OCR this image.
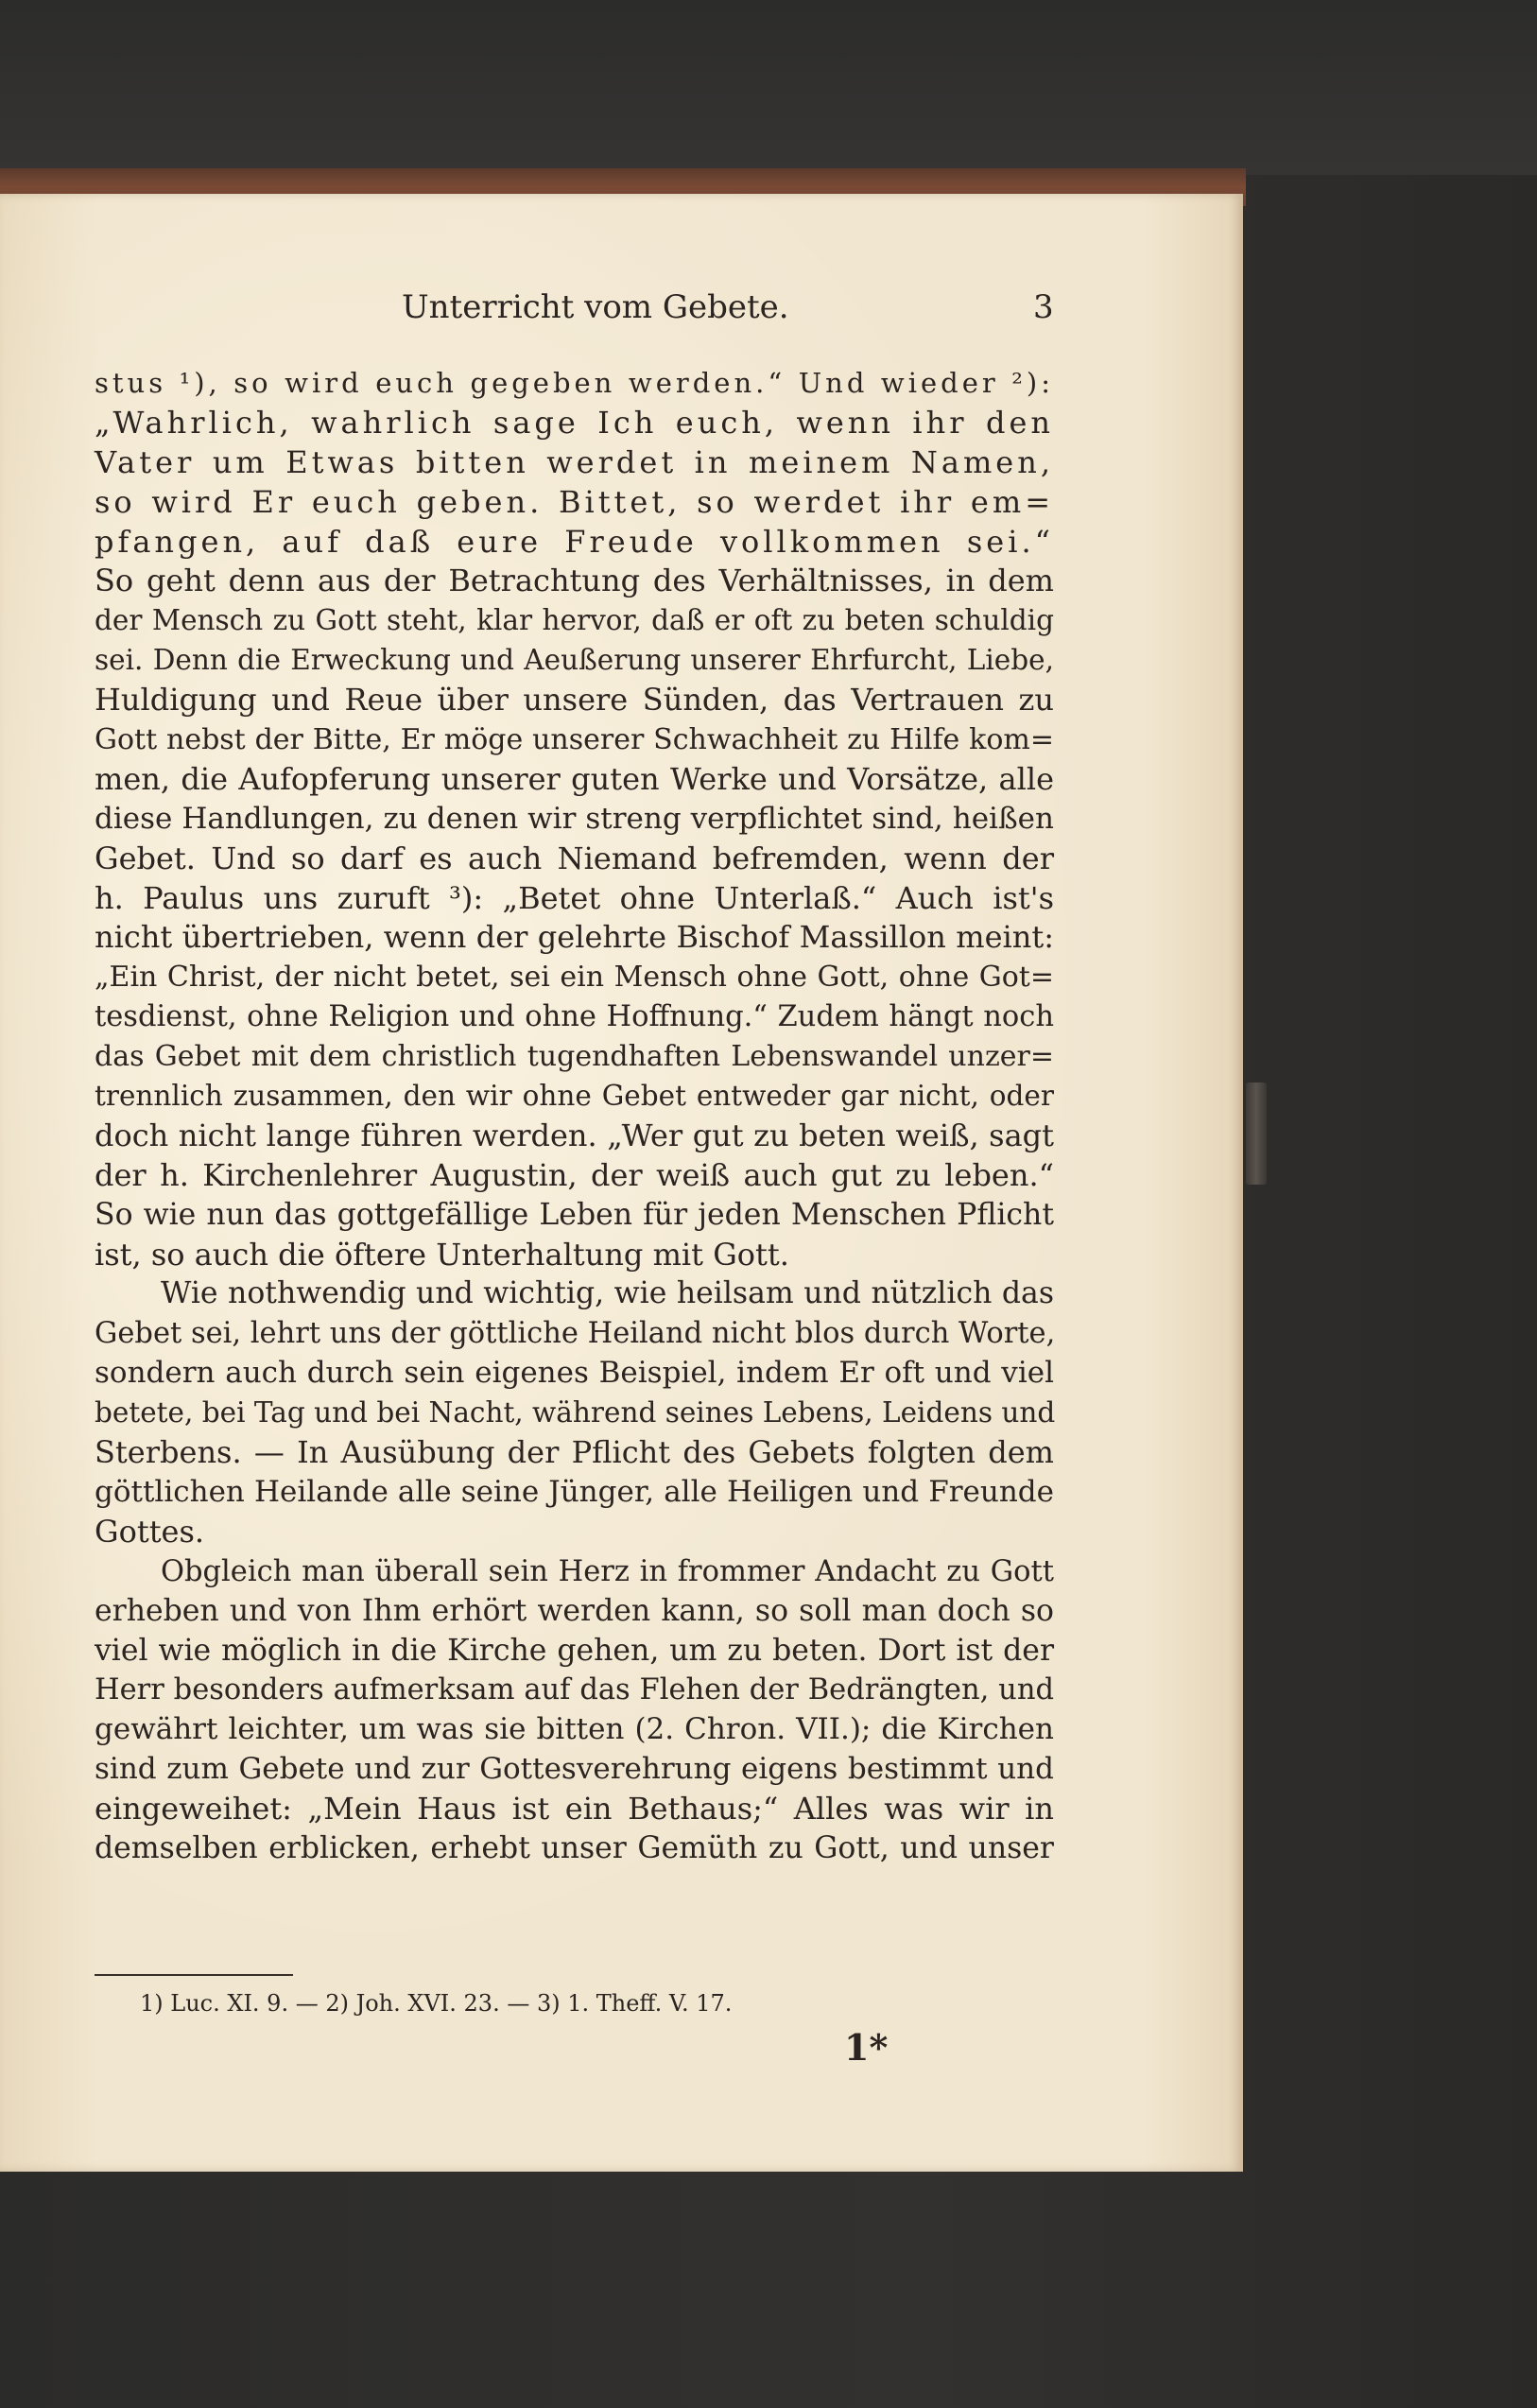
Unterricht vom Gebete.	3
stus ¹), so wird euch gegeben werden.“ Und wieder ²):
„Wahrlich, wahrlich sage Ich euch, wenn ihr den
Vater um Etwas bitten werdet in meinem Namen,
so wird Er euch geben. Bittet, so werdet ihr em=
pfangen, auf daß eure Freude vollkommen sei.“
So geht denn aus der Betrachtung des Verhältnisses, in dem
der Mensch zu Gott steht, klar hervor, daß er oft zu beten schuldig
sei. Denn die Erweckung und Aeußerung unserer Ehrfurcht, Liebe,
Huldigung und Reue über unsere Sünden, das Vertrauen zu
Gott nebst der Bitte, Er möge unserer Schwachheit zu Hilfe kom=
men, die Aufopferung unserer guten Werke und Vorsätze, alle
diese Handlungen, zu denen wir streng verpflichtet sind, heißen
Gebet. Und so darf es auch Niemand befremden, wenn der
h. Paulus uns zuruft ³): „Betet ohne Unterlaß.“ Auch ist's
nicht übertrieben, wenn der gelehrte Bischof Massillon meint:
„Ein Christ, der nicht betet, sei ein Mensch ohne Gott, ohne Got=
tesdienst, ohne Religion und ohne Hoffnung.“ Zudem hängt noch
das Gebet mit dem christlich tugendhaften Lebenswandel unzer=
trennlich zusammen, den wir ohne Gebet entweder gar nicht, oder
doch nicht lange führen werden. „Wer gut zu beten weiß, sagt
der h. Kirchenlehrer Augustin, der weiß auch gut zu leben.“
So wie nun das gottgefällige Leben für jeden Menschen Pflicht
ist, so auch die öftere Unterhaltung mit Gott.
Wie nothwendig und wichtig, wie heilsam und nützlich das
Gebet sei, lehrt uns der göttliche Heiland nicht blos durch Worte,
sondern auch durch sein eigenes Beispiel, indem Er oft und viel
betete, bei Tag und bei Nacht, während seines Lebens, Leidens und
Sterbens. — In Ausübung der Pflicht des Gebets folgten dem
göttlichen Heilande alle seine Jünger, alle Heiligen und Freunde
Gottes.
Obgleich man überall sein Herz in frommer Andacht zu Gott
erheben und von Ihm erhört werden kann, so soll man doch so
viel wie möglich in die Kirche gehen, um zu beten. Dort ist der
Herr besonders aufmerksam auf das Flehen der Bedrängten, und
gewährt leichter, um was sie bitten (2. Chron. VII.); die Kirchen
sind zum Gebete und zur Gottesverehrung eigens bestimmt und
eingeweihet: „Mein Haus ist ein Bethaus;“ Alles was wir in
demselben erblicken, erhebt unser Gemüth zu Gott, und unser
1) Luc. XI. 9. — 2) Joh. XVI. 23. — 3) 1. Theff. V. 17.
1*
